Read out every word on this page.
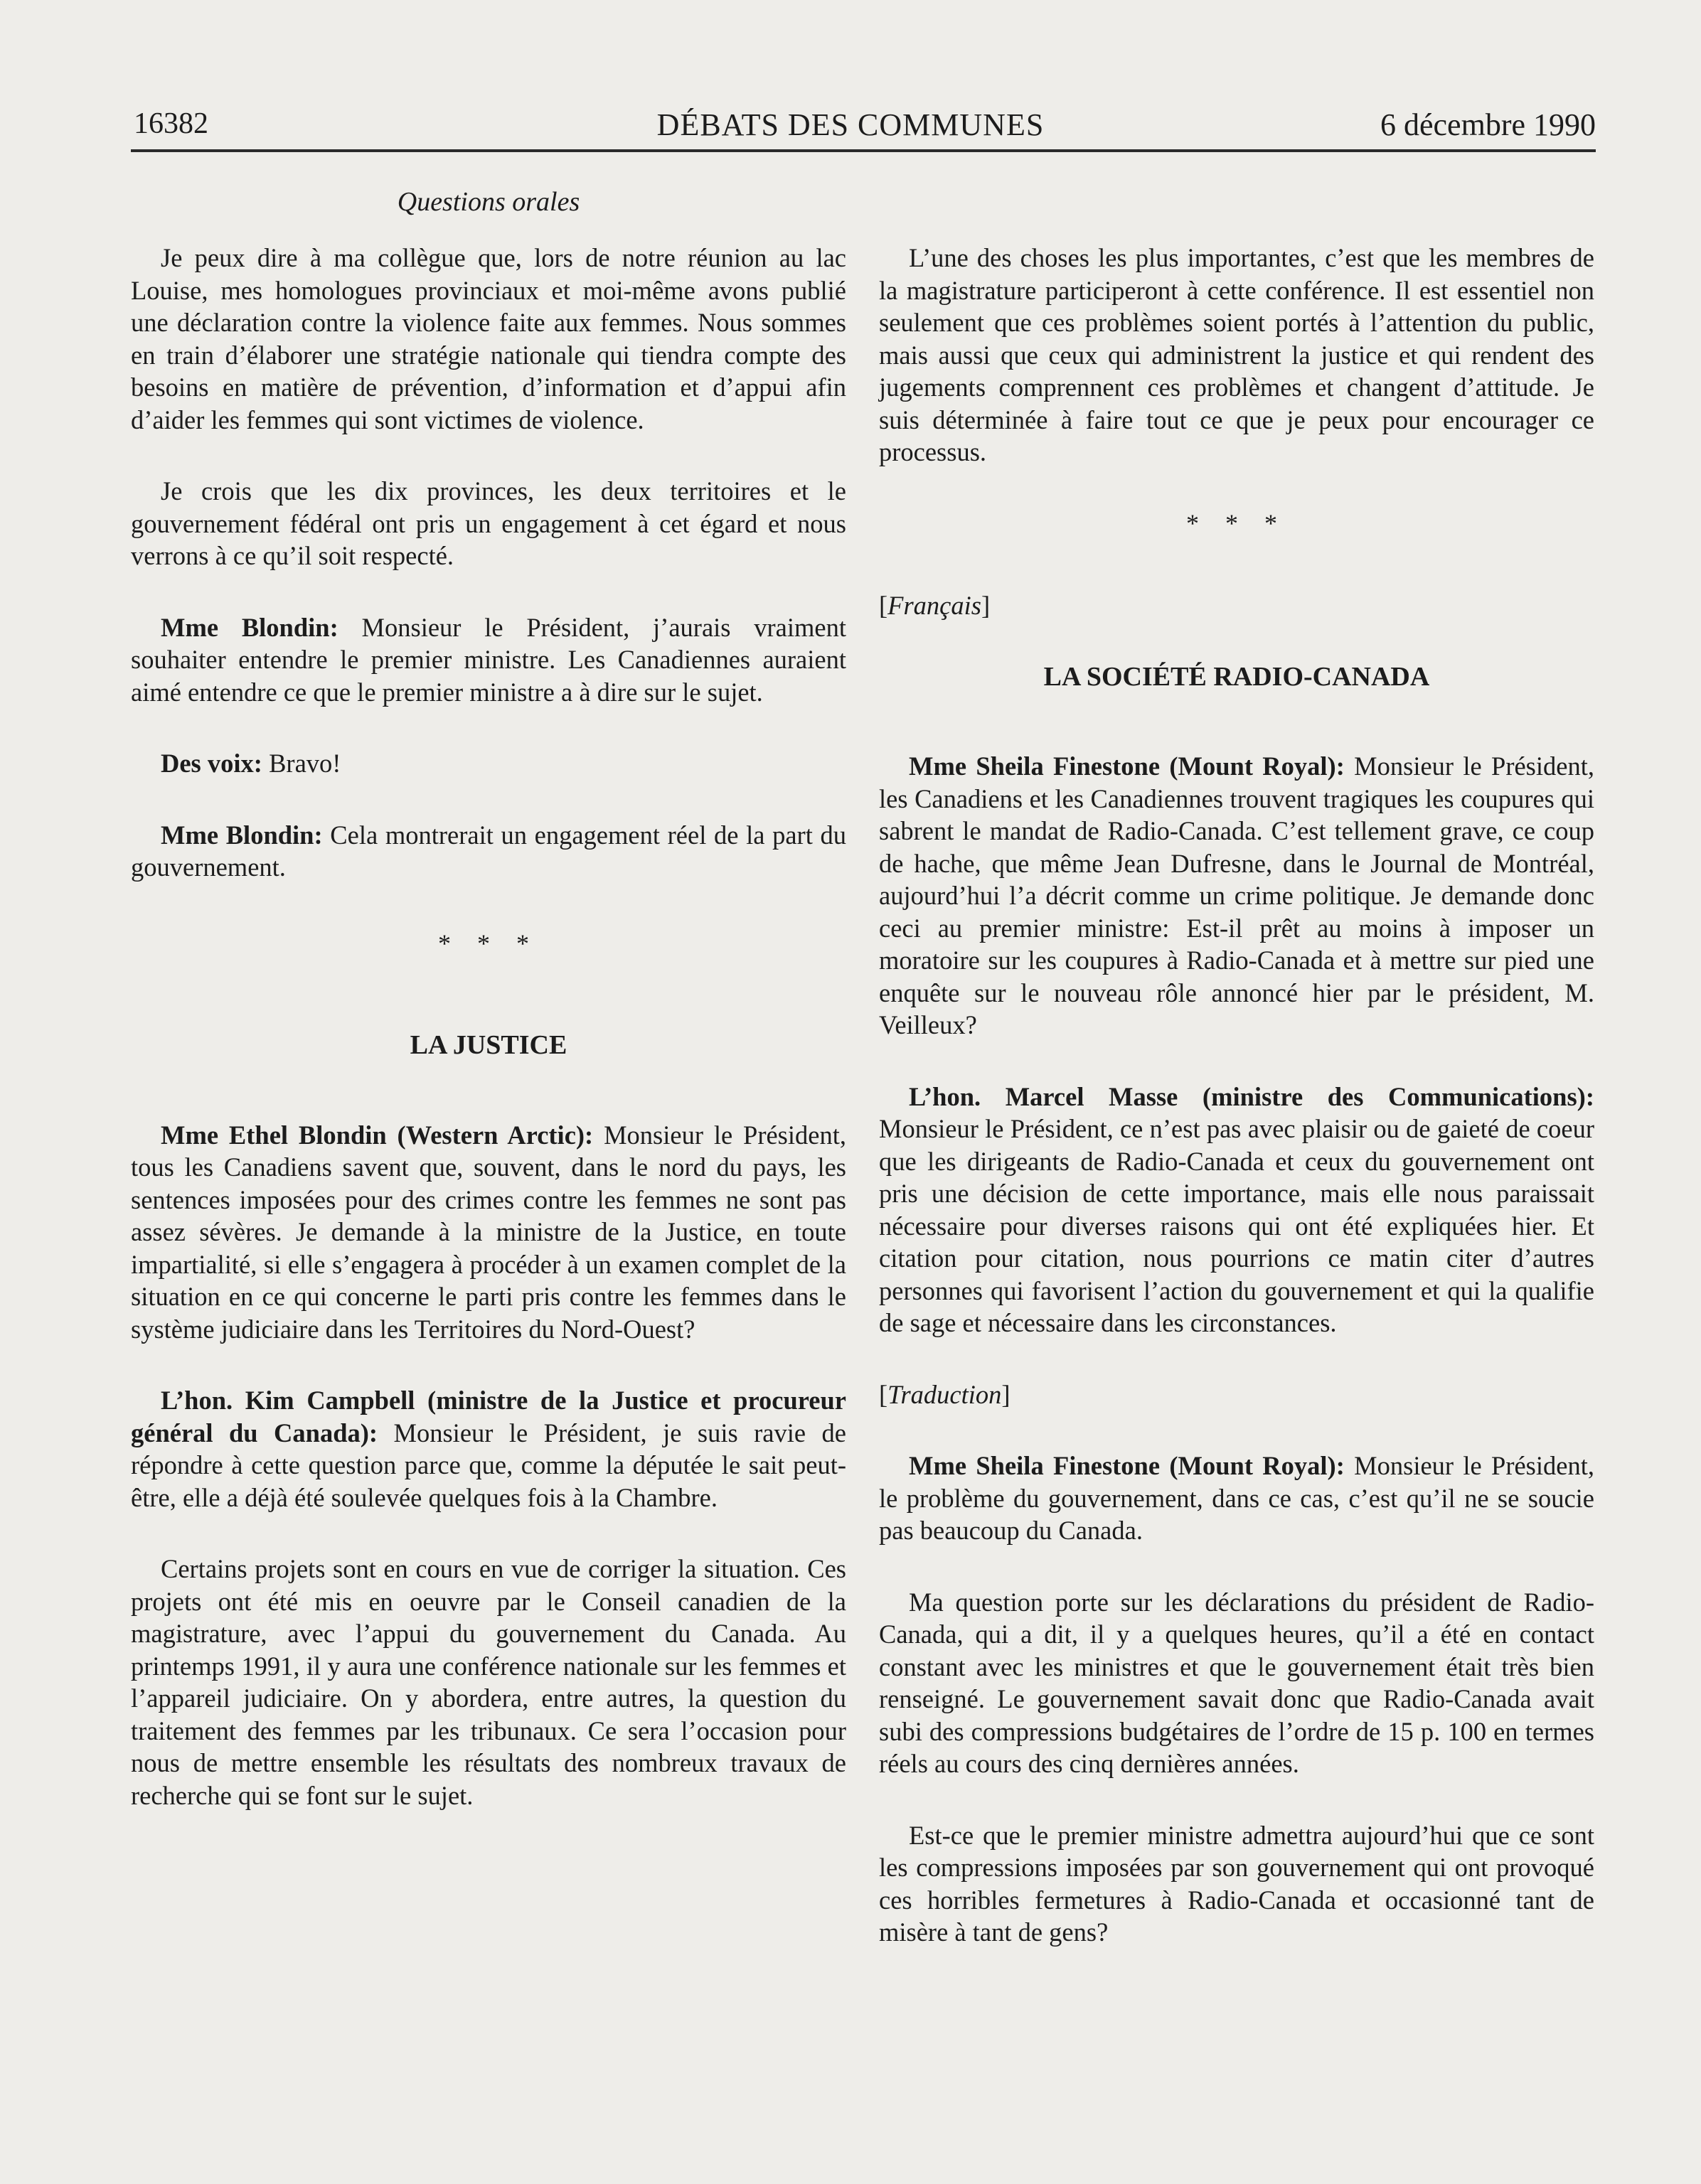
16382	DÉBATS DES COMMUNES	6 décembre 1990
Questions orales

Je peux dire à ma collègue que, lors de notre réunion au lac Louise, mes homologues provinciaux et moi-même avons publié une déclaration contre la violence faite aux femmes. Nous sommes en train d’élaborer une stratégie nationale qui tiendra compte des besoins en matière de prévention, d’information et d’appui afin d’aider les femmes qui sont victimes de violence.

Je crois que les dix provinces, les deux territoires et le gouvernement fédéral ont pris un engagement à cet égard et nous verrons à ce qu’il soit respecté.

Mme Blondin: Monsieur le Président, j’aurais vraiment souhaiter entendre le premier ministre. Les Canadiennes auraient aimé entendre ce que le premier ministre a à dire sur le sujet.

Des voix: Bravo!

Mme Blondin: Cela montrerait un engagement réel de la part du gouvernement.

* * *
LA JUSTICE

Mme Ethel Blondin (Western Arctic): Monsieur le Président, tous les Canadiens savent que, souvent, dans le nord du pays, les sentences imposées pour des crimes contre les femmes ne sont pas assez sévères. Je demande à la ministre de la Justice, en toute impartialité, si elle s’engagera à procéder à un examen complet de la situation en ce qui concerne le parti pris contre les femmes dans le système judiciaire dans les Territoires du Nord-Ouest?

L’hon. Kim Campbell (ministre de la Justice et procureur général du Canada): Monsieur le Président, je suis ravie de répondre à cette question parce que, comme la députée le sait peut-être, elle a déjà été soulevée quelques fois à la Chambre.

Certains projets sont en cours en vue de corriger la situation. Ces projets ont été mis en oeuvre par le Conseil canadien de la magistrature, avec l’appui du gouvernement du Canada. Au printemps 1991, il y aura une conférence nationale sur les femmes et l’appareil judiciaire. On y abordera, entre autres, la question du traitement des femmes par les tribunaux. Ce sera l’occasion pour nous de mettre ensemble les résultats des nombreux travaux de recherche qui se font sur le sujet.

L’une des choses les plus importantes, c’est que les membres de la magistrature participeront à cette conférence. Il est essentiel non seulement que ces problèmes soient portés à l’attention du public, mais aussi que ceux qui administrent la justice et qui rendent des jugements comprennent ces problèmes et changent d’attitude. Je suis déterminée à faire tout ce que je peux pour encourager ce processus.

* * *

[Français]

LA SOCIÉTÉ RADIO-CANADA

Mme Sheila Finestone (Mount Royal): Monsieur le Président, les Canadiens et les Canadiennes trouvent tragiques les coupures qui sabrent le mandat de Radio-Canada. C’est tellement grave, ce coup de hache, que même Jean Dufresne, dans le Journal de Montréal, aujourd’hui l’a décrit comme un crime politique. Je demande donc ceci au premier ministre: Est-il prêt au moins à imposer un moratoire sur les coupures à Radio-Canada et à mettre sur pied une enquête sur le nouveau rôle annoncé hier par le président, M. Veilleux?

L’hon. Marcel Masse (ministre des Communications): Monsieur le Président, ce n’est pas avec plaisir ou de gaieté de coeur que les dirigeants de Radio-Canada et ceux du gouvernement ont pris une décision de cette importance, mais elle nous paraissait nécessaire pour diverses raisons qui ont été expliquées hier. Et citation pour citation, nous pourrions ce matin citer d’autres personnes qui favorisent l’action du gouvernement et qui la qualifie de sage et nécessaire dans les circonstances.

[Traduction]

Mme Sheila Finestone (Mount Royal): Monsieur le Président, le problème du gouvernement, dans ce cas, c’est qu’il ne se soucie pas beaucoup du Canada.

Ma question porte sur les déclarations du président de Radio-Canada, qui a dit, il y a quelques heures, qu’il a été en contact constant avec les ministres et que le gouvernement était très bien renseigné. Le gouvernement savait donc que Radio-Canada avait subi des compressions budgétaires de l’ordre de 15 p. 100 en termes réels au cours des cinq dernières années.

Est-ce que le premier ministre admettra aujourd’hui que ce sont les compressions imposées par son gouvernement qui ont provoqué ces horribles fermetures à Radio-Canada et occasionné tant de misère à tant de gens?
